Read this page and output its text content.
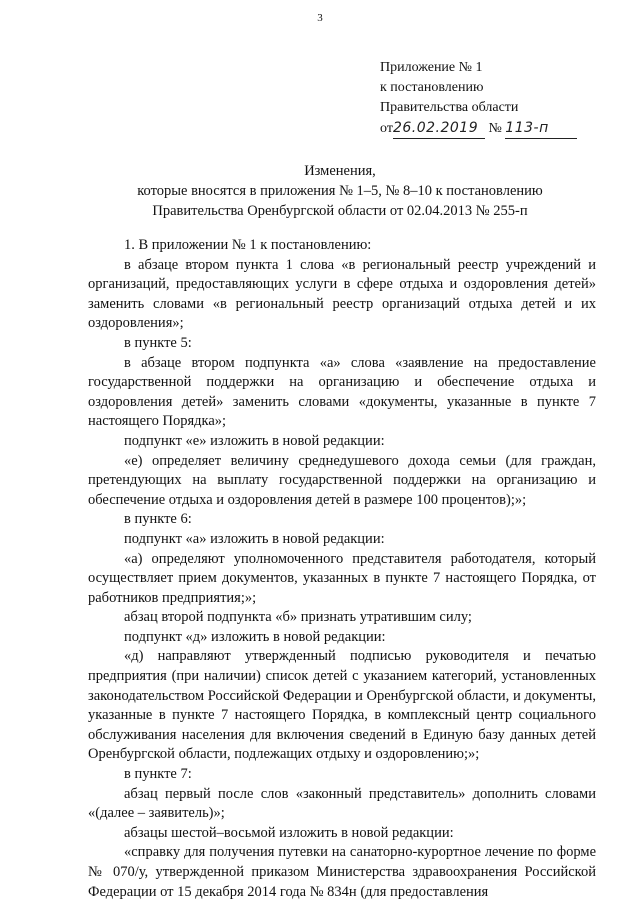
3
Приложение № 1
к постановлению
Правительства области
от26.02.2019 № 113-п
Изменения,
которые вносятся в приложения № 1–5, № 8–10 к постановлению
Правительства Оренбургской области от 02.04.2013 № 255-п

1. В приложении № 1 к постановлению:

в абзаце втором пункта 1 слова «в региональный реестр учреждений и организаций, предоставляющих услуги в сфере отдыха и оздоровления детей» заменить словами «в региональный реестр организаций отдыха детей и их оздоровления»;

в пункте 5:

в абзаце втором подпункта «а» слова «заявление на предоставление государственной поддержки на организацию и обеспечение отдыха и оздоровления детей» заменить словами «документы, указанные в пункте 7 настоящего Порядка»;

подпункт «е» изложить в новой редакции:

«е) определяет величину среднедушевого дохода семьи (для граждан, претендующих на выплату государственной поддержки на организацию и обеспечение отдыха и оздоровления детей в размере 100 процентов);»;

в пункте 6:

подпункт «а» изложить в новой редакции:

«а) определяют уполномоченного представителя работодателя, который осуществляет прием документов, указанных в пункте 7 настоящего Порядка, от работников предприятия;»;

абзац второй подпункта «б» признать утратившим силу;

подпункт «д» изложить в новой редакции:

«д) направляют утвержденный подписью руководителя и печатью предприятия (при наличии) список детей с указанием категорий, установленных законодательством Российской Федерации и Оренбургской области, и документы, указанные в пункте 7 настоящего Порядка, в комплексный центр социального обслуживания населения для включения сведений в Единую базу данных детей Оренбургской области, подлежащих отдыху и оздоровлению;»;

в пункте 7:

абзац первый после слов «законный представитель» дополнить словами «(далее – заявитель)»;

абзацы шестой–восьмой изложить в новой редакции:

«справку для получения путевки на санаторно-курортное лечение по форме № 070/у, утвержденной приказом Министерства здравоохранения Российской Федерации от 15 декабря 2014 года № 834н (для предоставления
